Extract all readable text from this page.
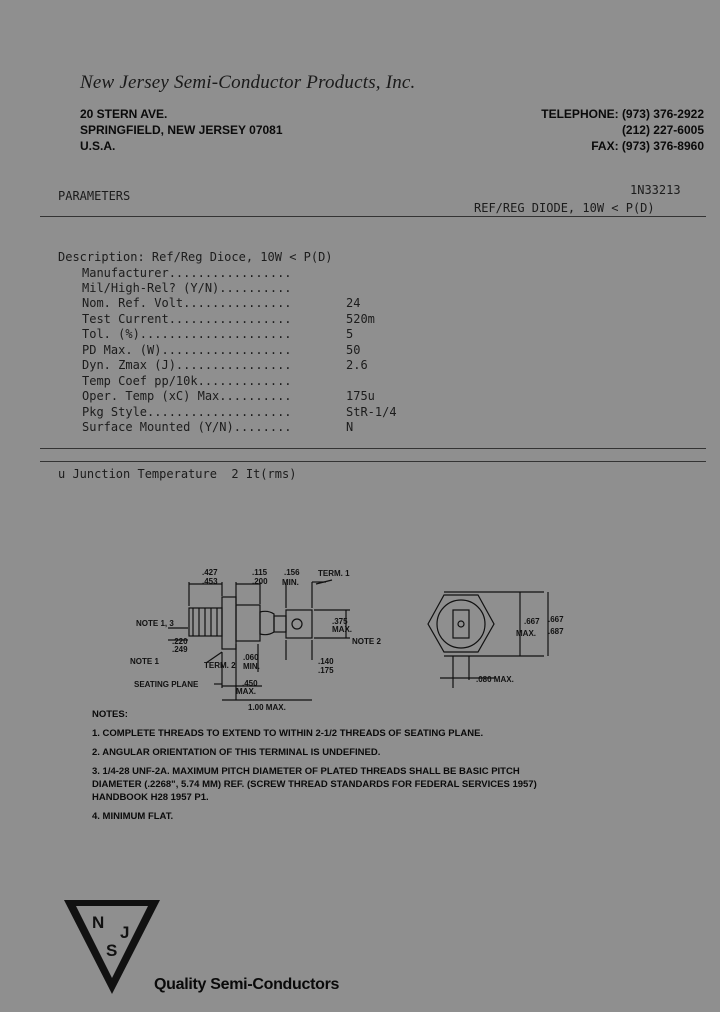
New Jersey Semi-Conductor Products, Inc.
20 STERN AVE.
SPRINGFIELD, NEW JERSEY 07081
U.S.A.
TELEPHONE: (973) 376-2922
(212) 227-6005
FAX: (973) 376-8960
PARAMETERS	1N33213
REF/REG DIODE, 10W < P(D)
Description: Ref/Reg Dioce, 10W < P(D)
Manufacturer.................
Mil/High-Rel? (Y/N)..........
Nom. Ref. Volt...............	24
Test Current.................	520m
Tol. (%).....................	5
PD Max. (W)..................	50
Dyn. Zmax (J)................	2.6
Temp Coef pp/10k.............
Oper. Temp (xC) Max..........	175u
Pkg Style....................	StR-1/4
Surface Mounted (Y/N)........	N
u Junction Temperature  2 It(rms)
.427
.453
.115
.200
.156
MIN.
TERM. 1
NOTE 1, 3
.220
.249
.375
MAX.
NOTE 2
NOTE 1	TERM. 2
.060
MIN.
.140
.175
SEATING PLANE	.450
MAX.
1.00 MAX.
.667
MAX.
.667
.687
.080 MAX.

NOTES:

1. COMPLETE THREADS TO EXTEND TO WITHIN 2-1/2 THREADS OF SEATING PLANE.

2. ANGULAR ORIENTATION OF THIS TERMINAL IS UNDEFINED.

3. 1/4-28 UNF-2A. MAXIMUM PITCH DIAMETER OF PLATED THREADS SHALL BE BASIC PITCH DIAMETER (.2268", 5.74 MM) REF. (SCREW THREAD STANDARDS FOR FEDERAL SERVICES 1957) HANDBOOK H28 1957 P1.

4. MINIMUM FLAT.

N
J
S
Quality Semi-Conductors
